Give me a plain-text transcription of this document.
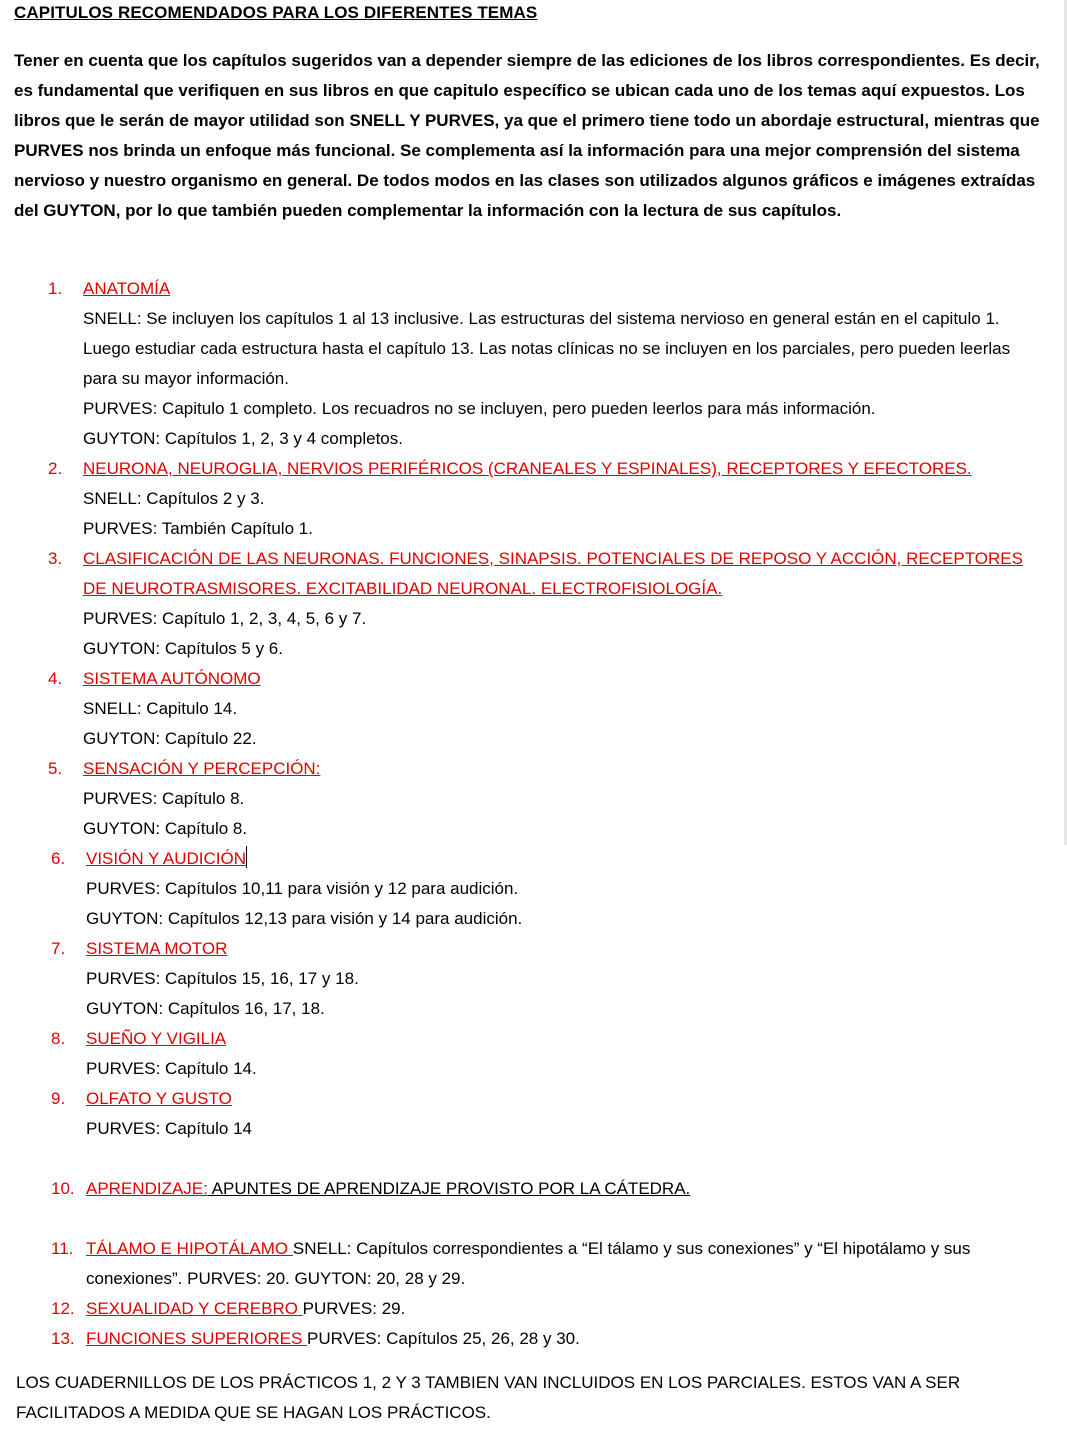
CAPITULOS RECOMENDADOS PARA LOS DIFERENTES TEMAS
Tener en cuenta que los capítulos sugeridos van a depender siempre de las ediciones de los libros correspondientes. Es decir, es fundamental que verifiquen en sus libros en que capitulo específico se ubican cada uno de los temas aquí expuestos. Los libros que le serán de mayor utilidad son SNELL Y PURVES, ya que el primero tiene todo un abordaje estructural, mientras que PURVES nos brinda un enfoque más funcional. Se complementa así la información para una mejor comprensión del sistema nervioso y nuestro organismo en general. De todos modos en las clases son utilizados algunos gráficos e imágenes extraídas del GUYTON, por lo que también pueden complementar la información con la lectura de sus capítulos.
1.	ANATOMÍA
SNELL: Se incluyen los capítulos 1 al 13 inclusive. Las estructuras del sistema nervioso en general están en el capitulo 1. Luego estudiar cada estructura hasta el capítulo 13. Las notas clínicas no se incluyen en los parciales, pero pueden leerlas para su mayor información.
PURVES: Capitulo 1 completo. Los recuadros no se incluyen, pero pueden leerlos para más información.
GUYTON: Capítulos 1, 2, 3 y 4 completos.
2.	NEURONA, NEUROGLIA, NERVIOS PERIFÉRICOS (CRANEALES Y ESPINALES), RECEPTORES Y EFECTORES.
SNELL: Capítulos 2 y 3.
PURVES: También Capítulo 1.
3.	CLASIFICACIÓN DE LAS NEURONAS. FUNCIONES, SINAPSIS. POTENCIALES DE REPOSO Y ACCIÓN, RECEPTORES DE NEUROTRASMISORES. EXCITABILIDAD NEURONAL. ELECTROFISIOLOGÍA.
PURVES: Capítulo 1, 2, 3, 4, 5, 6 y 7.
GUYTON: Capítulos 5 y 6.
4.	SISTEMA AUTÓNOMO
SNELL: Capitulo 14.
GUYTON: Capítulo 22.
5.	SENSACIÓN Y PERCEPCIÓN:
PURVES: Capítulo 8.
GUYTON: Capítulo 8.
6.	VISIÓN Y AUDICIÓN
PURVES: Capítulos 10,11 para visión y 12 para audición.
GUYTON: Capítulos 12,13 para visión y 14 para audición.
7.	SISTEMA MOTOR
PURVES: Capítulos 15, 16, 17 y 18.
GUYTON: Capítulos 16, 17, 18.
8.	SUEÑO Y VIGILIA
PURVES: Capítulo 14.
9.	OLFATO Y GUSTO
PURVES: Capítulo 14
10. APRENDIZAJE: APUNTES DE APRENDIZAJE PROVISTO POR LA CÁTEDRA.
11. TÁLAMO E HIPOTÁLAMO SNELL: Capítulos correspondientes a “El tálamo y sus conexiones” y “El hipotálamo y sus conexiones”. PURVES: 20. GUYTON: 20, 28 y 29.
12. SEXUALIDAD Y CEREBRO PURVES: 29.
13. FUNCIONES SUPERIORES PURVES: Capítulos 25, 26, 28 y 30.
LOS CUADERNILLOS DE LOS PRÁCTICOS 1, 2 Y 3 TAMBIEN VAN INCLUIDOS EN LOS PARCIALES. ESTOS VAN A SER FACILITADOS A MEDIDA QUE SE HAGAN LOS PRÁCTICOS.
